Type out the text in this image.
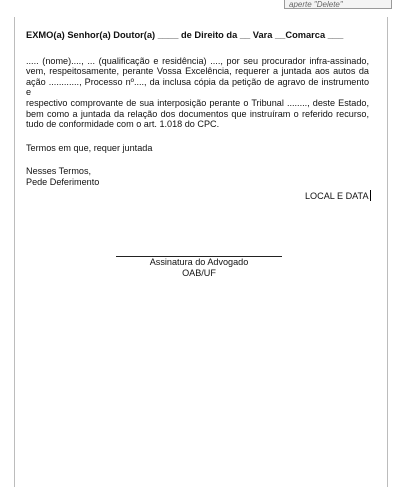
aperte "Delete"

EXMO(a) Senhor(a) Doutor(a) ____ de Direito da __ Vara __Comarca ___

..... (nome)...., ... (qualificação e residência) ...., por seu procurador infra-assinado,
vem, respeitosamente, perante Vossa Excelência, requerer a juntada aos autos da
ação ............, Processo nº...., da inclusa cópia da petição de agravo de instrumento e
respectivo comprovante de sua interposição perante o Tribunal ........, deste Estado,
bem como a juntada da relação dos documentos que instruíram o referido recurso,
tudo de conformidade com o art. 1.018 do CPC.

Termos em que, requer juntada

Nesses Termos,
Pede Deferimento

LOCAL E DATA
Assinatura do Advogado
OAB/UF
